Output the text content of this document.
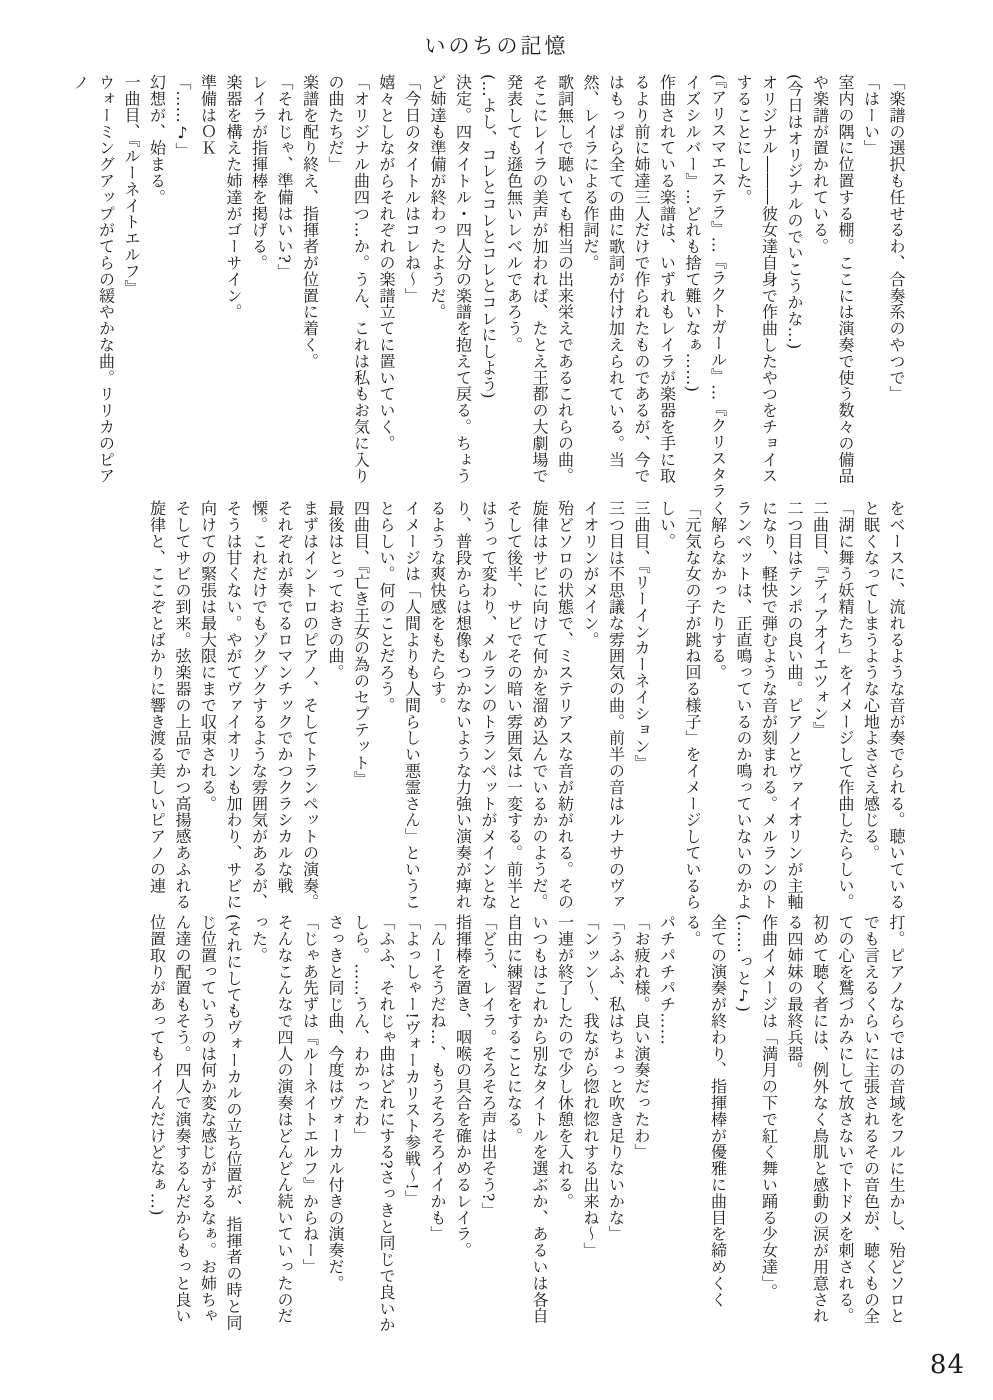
いのちの記憶

「楽譜の選択も任せるわ、合奏系のやつで」

「はーい」

室内の隅に位置する棚。ここには演奏で使う数々の備品や楽譜が置かれている。

(今日はオリジナルのでいこうかな…)

オリジナル―――彼女達自身で作曲したやつをチョイスすることにした。

(『アリスマエステラ』…『ラクトガール』…『クリスタライズシルバー』…どれも捨て難いなぁ……)

作曲されている楽譜は、いずれもレイラが楽器を手に取るより前に姉達三人だけで作られたものであるが、今ではもっぱら全ての曲に歌詞が付け加えられている。当然、レイラによる作詞だ。

歌詞無しで聴いても相当の出来栄えであるこれらの曲。そこにレイラの美声が加われば、たとえ王都の大劇場で発表しても遜色無いレベルであろう。

(…よし、コレとコレとコレとコレにしよう)

決定。四タイトル・四人分の楽譜を抱えて戻る。ちょうど姉達も準備が終わったようだ。

「今日のタイトルはコレね〜」

嬉々としながらそれぞれの楽譜立てに置いていく。

「オリジナル曲四つ…か。うん、これは私もお気に入りの曲たちだ」

楽譜を配り終え、指揮者が位置に着く。

「それじゃ、準備はいい?」

レイラが指揮棒を掲げる。

楽器を構えた姉達がゴーサイン。

準備はＯＫ

「……♪」

幻想が、始まる。

一曲目、『ルーネイトエルフ』

ウォーミングアップがてらの緩やかな曲。リリカのピアノ

をベースに、流れるような音が奏でられる。聴いていると眠くなってしまうような心地よささえ感じる。

「湖に舞う妖精たち」をイメージして作曲したらしい。

二曲目、『ティアオイエツォン』

二つ目はテンポの良い曲。ピアノとヴァイオリンが主軸になり、軽快で弾むような音が刻まれる。メルランのトランペットは、正直鳴っているのか鳴っていないのかよく解らなかったりする。

「元気な女の子が跳ね回る様子」をイメージしているらしい。

三曲目、『リーインカーネイション』

三つ目は不思議な雰囲気の曲。前半の音はルナサのヴァイオリンがメイン。

殆どソロの状態で、ミステリアスな音が紡がれる。その旋律はサビに向けて何かを溜め込んでいるかのようだ。そして後半、サビでその暗い雰囲気は一変する。前半とはうって変わり、メルランのトランペットがメインとなり、普段からは想像もつかないような力強い演奏が痺れるような爽快感をもたらす。

イメージは「人間よりも人間らしい悪霊さん」ということらしい。何のことだろう。

四曲目、『亡き王女の為のセプテット』

最後はとっておきの曲。

まずはイントロのピアノ、そしてトランペットの演奏。それぞれが奏でるロマンチックでかつクラシカルな戦慄。これだけでもゾクゾクするような雰囲気があるが、そうは甘くない。やがてヴァイオリンも加わり、サビに向けての緊張は最大限にまで収束される。

そしてサビの到来。弦楽器の上品でかつ高揚感あふれる旋律と、ここぞとばかりに響き渡る美しいピアノの連

打。ピアノならではの音域をフルに生かし、殆どソロとでも言えるくらいに主張されるその音色が、聴くもの全ての心を鷲づかみにして放さないでトドメを刺される。

初めて聴く者には、例外なく鳥肌と感動の涙が用意される四姉妹の最終兵器。

作曲イメージは「満月の下で紅く舞い踊る少女達」。

(……っと♪)

全ての演奏が終わり、指揮棒が優雅に曲目を締めくくる。

パチパチパチ……

「お疲れ様。良い演奏だったわ」

「うふふ、私はちょっと吹き足りないかな」

「ンッン〜、我ながら惚れ惚れする出来ね〜」

一連が終了したので少し休憩を入れる。

いつもはこれから別なタイトルを選ぶか、あるいは各自自由に練習をすることになる。

「どう、レイラ。そろそろ声は出そう?」

指揮棒を置き、咽喉の具合を確かめるレイラ。

「んーそうだね…、もうそろそろイイかも」

「よっしゃー!ヴォーカリスト参戦〜!」

「ふふ、それじゃ曲はどれにする?さっきと同じで良いかしら。……うん、わかったわ」

さっきと同じ曲、今度はヴォーカル付きの演奏だ。

「じゃあ先ずは『ルーネイトエルフ』からねー」

そんなこんなで四人の演奏はどんどん続いていったのだった。

(それにしてもヴォーカルの立ち位置が、指揮者の時と同じ位置っていうのは何か変な感じがするなぁ。お姉ちゃん達の配置もそう。四人で演奏するんだからもっと良い位置取りがあってもイイんだけどなぁ…)

84
